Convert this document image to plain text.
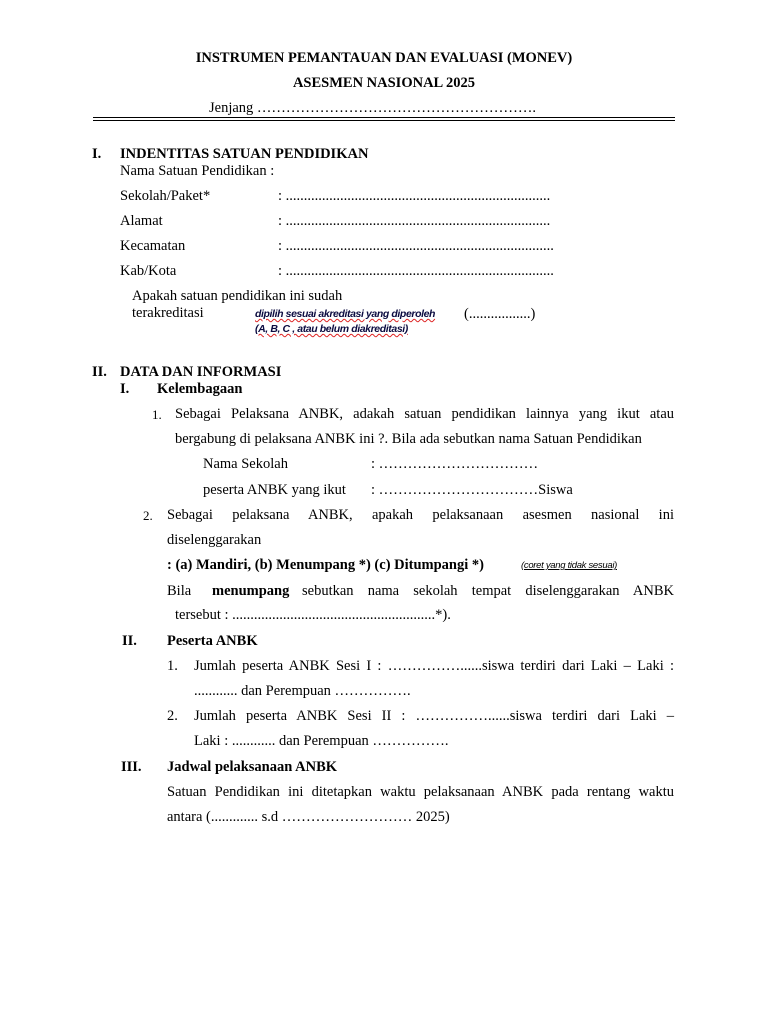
INSTRUMEN PEMANTAUAN DAN EVALUASI (MONEV)
ASESMEN NASIONAL 2025
Jenjang ………………………………………………….
I. INDENTITAS SATUAN PENDIDIKAN
Nama Satuan Pendidikan :
Sekolah/Paket*	: .........................................................................
Alamat	: .........................................................................
Kecamatan	: ..........................................................................
Kab/Kota	: ..........................................................................
Apakah satuan pendidikan ini sudah
terakreditasi	dipilih sesuai akreditasi yang diperoleh
(A, B, C , atau belum diakreditasi)
(.................)
II. DATA DAN INFORMASI
I. Kelembagaan
1. Sebagai Pelaksana ANBK, adakah satuan pendidikan lainnya yang ikut atau
bergabung di pelaksana ANBK ini ?. Bila ada sebutkan nama Satuan Pendidikan
Nama Sekolah	: ……………………………
peserta ANBK yang ikut : ……………………………Siswa
2. Sebagai pelaksana ANBK, apakah pelaksanaan asesmen nasional ini
diselenggarakan
: (a) Mandiri, (b) Menumpang *) (c) Ditumpangi *)	(coret yang tidak sesuai)
Bila menumpang sebutkan nama sekolah tempat diselenggarakan ANBK
tersebut : ........................................................*).
II. Peserta ANBK
1. Jumlah peserta ANBK Sesi I : ……………......siswa terdiri dari Laki – Laki :
............ dan Perempuan …………….
2. Jumlah peserta ANBK Sesi II : ……………......siswa terdiri dari Laki –
Laki : ............ dan Perempuan …………….
III. Jadwal pelaksanaan ANBK
Satuan Pendidikan ini ditetapkan waktu pelaksanaan ANBK pada rentang waktu
antara (............. s.d ……………………… 2025)
